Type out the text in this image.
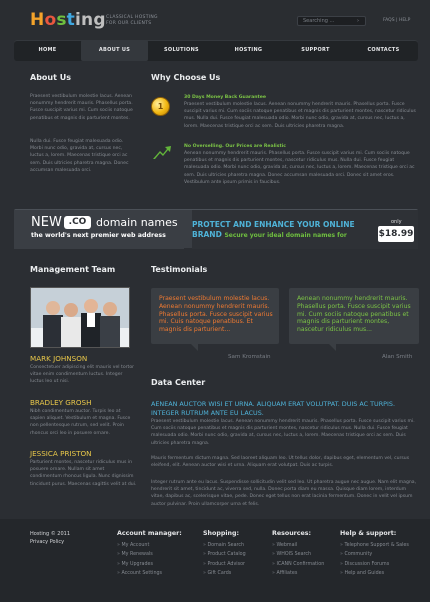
Hosting CLASSICAL HOSTING
FOR OUR CLIENTS	Searching ...	›	FAQS | HELP
HOME	ABOUT US	SOLUTIONS	HOSTING	SUPPORT	CONTACTS
About Us
Praesent vestibulum molestie lacus. Aenean nonummy hendrerit mauris. Phasellus porta. Fusce suscipit varius mi. Cum sociis natoque penatibus et magnis dis parturient montes.
Nulla dui. Fusce feugiat malesuada odio. Morbi nunc odio, gravida at, cursus nec, luctus a, lorem. Maecenas tristique orci ac sem. Duis ultricies pharetra magna. Donec accumsan malesuada orci.
Why Choose Us
1
30 Days Money Back Guarantee
Praesent vestibulum molestie lacus. Aenean nonummy hendrerit mauris. Phasellus porta. Fusce suscipit varius mi. Cum sociis natoque penatibus et magnis dis parturient montes, nascetur ridiculus mus. Nulla dui. Fusce feugiat malesuada odio. Morbi nunc odio, gravida at, cursus nec, luctus a, lorem. Maecenas tristique orci ac sem. Duis ultricies pharetra magna.
No Overselling. Our Prices are Realistic
Aenean nonummy hendrerit mauris. Phasellus porta. Fusce suscipit varius mi. Cum sociis natoque penatibus et magnis dis parturient montes, nascetur ridiculus mus. Nulla dui. Fusce feugiat malesuada odio. Morbi nunc odio, gravida at, cursus nec, luctus a, lorem. Maecenas tristique orci ac sem. Duis ultricies pharetra magna. Donec accumsan malesuada orci. Donec sit amet eros. Vestibulum ante ipsum primis in faucibus.
NEW .CO domain names
the world's next premier web address
PROTECT AND ENHANCE YOUR ONLINE
BRAND Secure your ideal domain names for
only
$18.99
Management Team
MARK JOHNSON
Consectetuer adipiscing elit mauris vel tortor vitae enim condimentum luctus. Integer luctus leo ut nisi.
BRADLEY GROSH
Nibh condimentum auctor. Turpis leo at sapien aliquet. Vestibulum et magna. Fusce non pellentesque rutrum, sed velit. Proin rhoncus orci leo in posuere ornare.
JESSICA PRISTON
Parturient montes, nascetur ridiculus mus in posuere ornare. Nullam sit amet condimentum rhoncus ligula. Nunc dignissim tincidunt purus. Maecenas sagittis velit at dui.
Testimonials
Praesent vestibulum molestie lacus. Aenean nonummy hendrerit mauris. Phasellus porta. Fusce suscipit varius mi. Cuis natoque penatibus. Et magnis dis parturient...
Sam Kromstain
Aenean nonummy hendrerit mauris. Phasellus porta. Fusce suscipit varius mi. Cum sociis natoque penatibus et magnis dis parturient montes, nascetur ridiculus mus...
Alan Smith
Data Center
AENEAN AUCTOR WISI ET URNA. ALIQUAM ERAT VOLUTPAT. DUIS AC TURPIS. INTEGER RUTRUM ANTE EU LACUS.
Praesent vestibulum molestie lacus. Aenean nonummy hendrerit mauris. Phasellus porta. Fusce suscipit varius mi. Cum sociis natoque penatibus et magnis dis parturient montes, nascetur ridiculus mus. Nulla dui. Fusce feugiat malesuada odio. Morbi nunc odio, gravida at, cursus nec, luctus a, lorem. Maecenas tristique orci ac sem. Duis ultricies pharetra magna.
Mauris fermentum dictum magna. Sed laoreet aliquam leo. Ut tellus dolor, dapibus eget, elementum vel, cursus eleifend, elit. Aenean auctor wisi et urna. Aliquam erat volutpat. Duis ac turpis.
Integer rutrum ante eu lacus. Suspendisse sollicitudin velit sed leo. Ut pharetra augue nec augue. Nam elit magna, hendrerit sit amet, tincidunt ac, viverra sed, nulla. Donec porta diam eu massa. Quisque diam lorem, interdum vitae, dapibus ac, scelerisque vitae, pede. Donec eget tellus non erat lacinia fermentum. Donec in velit vel ipsum auctor pulvinar. Proin ullamcorper urna et felis.
Hosting © 2011
Privacy Policy
Account manager:
» My Account
» My Renewals
» My Upgrades
» Account Settings
Shopping:
» Domain Search
» Product Catalog
» Product Advisor
» Gift Cards
Resources:
» Webmail
» WHOIS Search
» ICANN Confirmation
» Affiliates
Help & support:
» Telephone Support & Sales
» Community
» Discussion Forums
» Help and Guides
